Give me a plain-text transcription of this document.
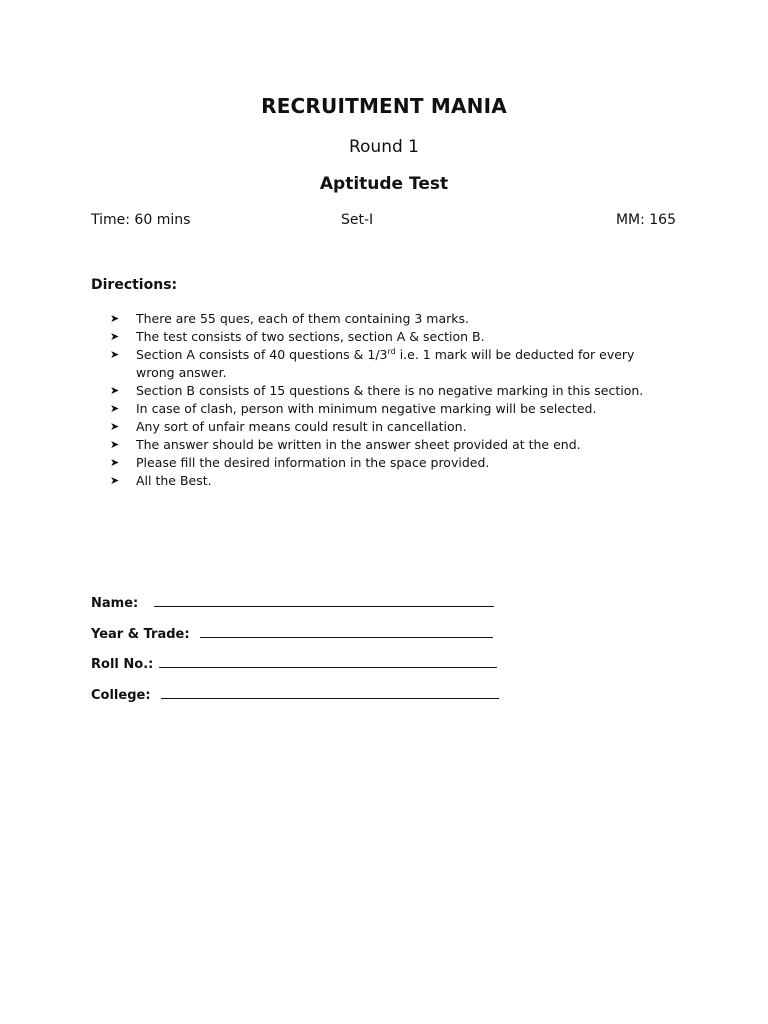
RECRUITMENT MANIA
Round 1
Aptitude Test
Time: 60 mins	Set-I	MM: 165
Directions:
➤ There are 55 ques, each of them containing 3 marks.
➤ The test consists of two sections, section A & section B.
➤ Section A consists of 40 questions & 1/3rd i.e. 1 mark will be deducted for every wrong answer.
➤ Section B consists of 15 questions & there is no negative marking in this section.
➤ In case of clash, person with minimum negative marking will be selected.
➤ Any sort of unfair means could result in cancellation.
➤ The answer should be written in the answer sheet provided at the end.
➤ Please fill the desired information in the space provided.
➤ All the Best.
Name:
Year & Trade:
Roll No.:
College:
